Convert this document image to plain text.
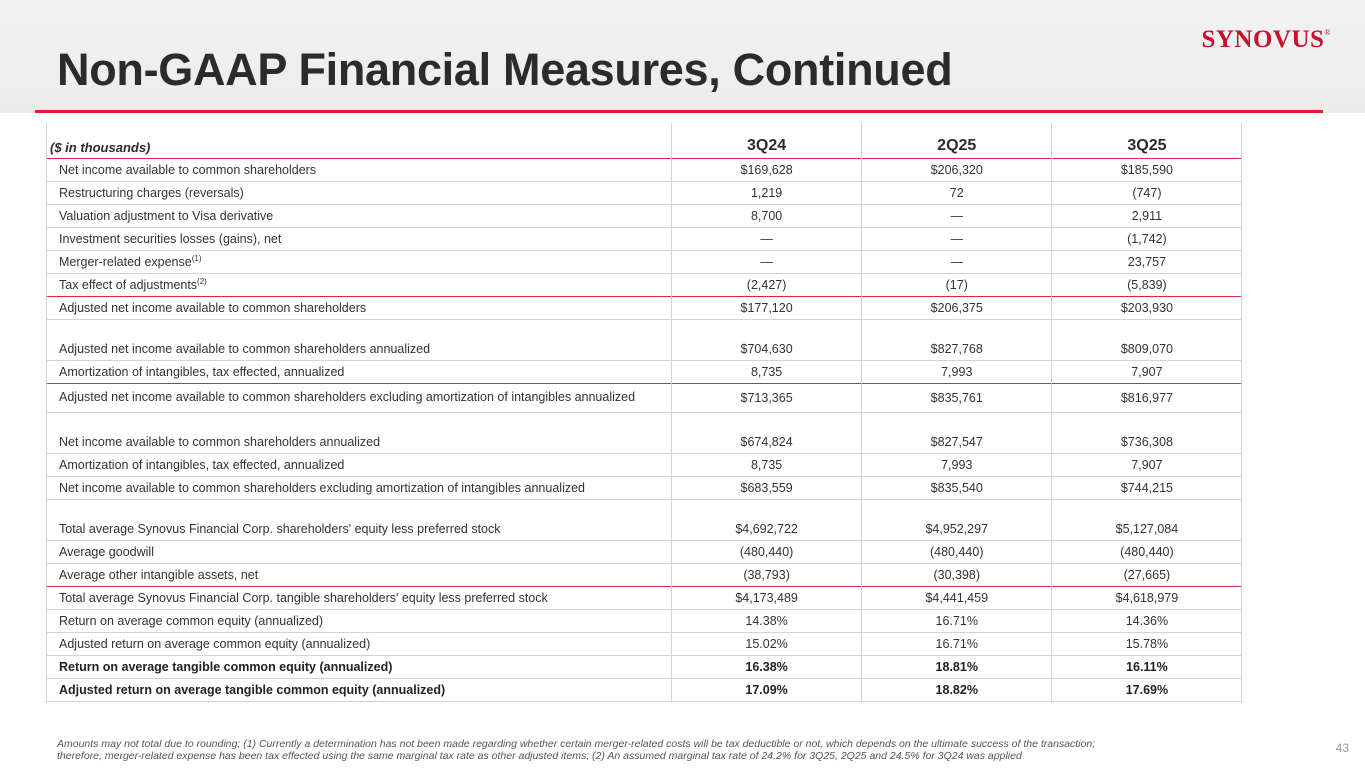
Non-GAAP Financial Measures, Continued
SYNOVUS®
($ in thousands)	3Q24	2Q25	3Q25
Net income available to common shareholders	$169,628	$206,320	$185,590
Restructuring charges (reversals)	1,219	72	(747)
Valuation adjustment to Visa derivative	8,700	—	2,911
Investment securities losses (gains), net	—	—	(1,742)
Merger-related expense$^{(1)}$	—	—	23,757
Tax effect of adjustments$^{(2)}$	(2,427)	(17)	(5,839)
Adjusted net income available to common shareholders	$177,120	$206,375	$203,930
Adjusted net income available to common shareholders annualized	$704,630	$827,768	$809,070
Amortization of intangibles, tax effected, annualized	8,735	7,993	7,907
Adjusted net income available to common shareholders excluding amortization of intangibles annualized	$713,365	$835,761	$816,977
Net income available to common shareholders annualized	$674,824	$827,547	$736,308
Amortization of intangibles, tax effected, annualized	8,735	7,993	7,907
Net income available to common shareholders excluding amortization of intangibles annualized	$683,559	$835,540	$744,215
Total average Synovus Financial Corp. shareholders' equity less preferred stock	$4,692,722	$4,952,297	$5,127,084
Average goodwill	(480,440)	(480,440)	(480,440)
Average other intangible assets, net	(38,793)	(30,398)	(27,665)
Total average Synovus Financial Corp. tangible shareholders' equity less preferred stock	$4,173,489	$4,441,459	$4,618,979
Return on average common equity (annualized)	14.38%	16.71%	14.36%
Adjusted return on average common equity (annualized)	15.02%	16.71%	15.78%
Return on average tangible common equity (annualized)	16.38%	18.81%	16.11%
Adjusted return on average tangible common equity (annualized)	17.09%	18.82%	17.69%
Amounts may not total due to rounding; (1) Currently a determination has not been made regarding whether certain merger-related costs will be tax deductible or not, which depends on the ultimate success of the transaction;
therefore, merger-related expense has been tax effected using the same marginal tax rate as other adjusted items; (2) An assumed marginal tax rate of 24.2% for 3Q25, 2Q25 and 24.5% for 3Q24 was applied
43
